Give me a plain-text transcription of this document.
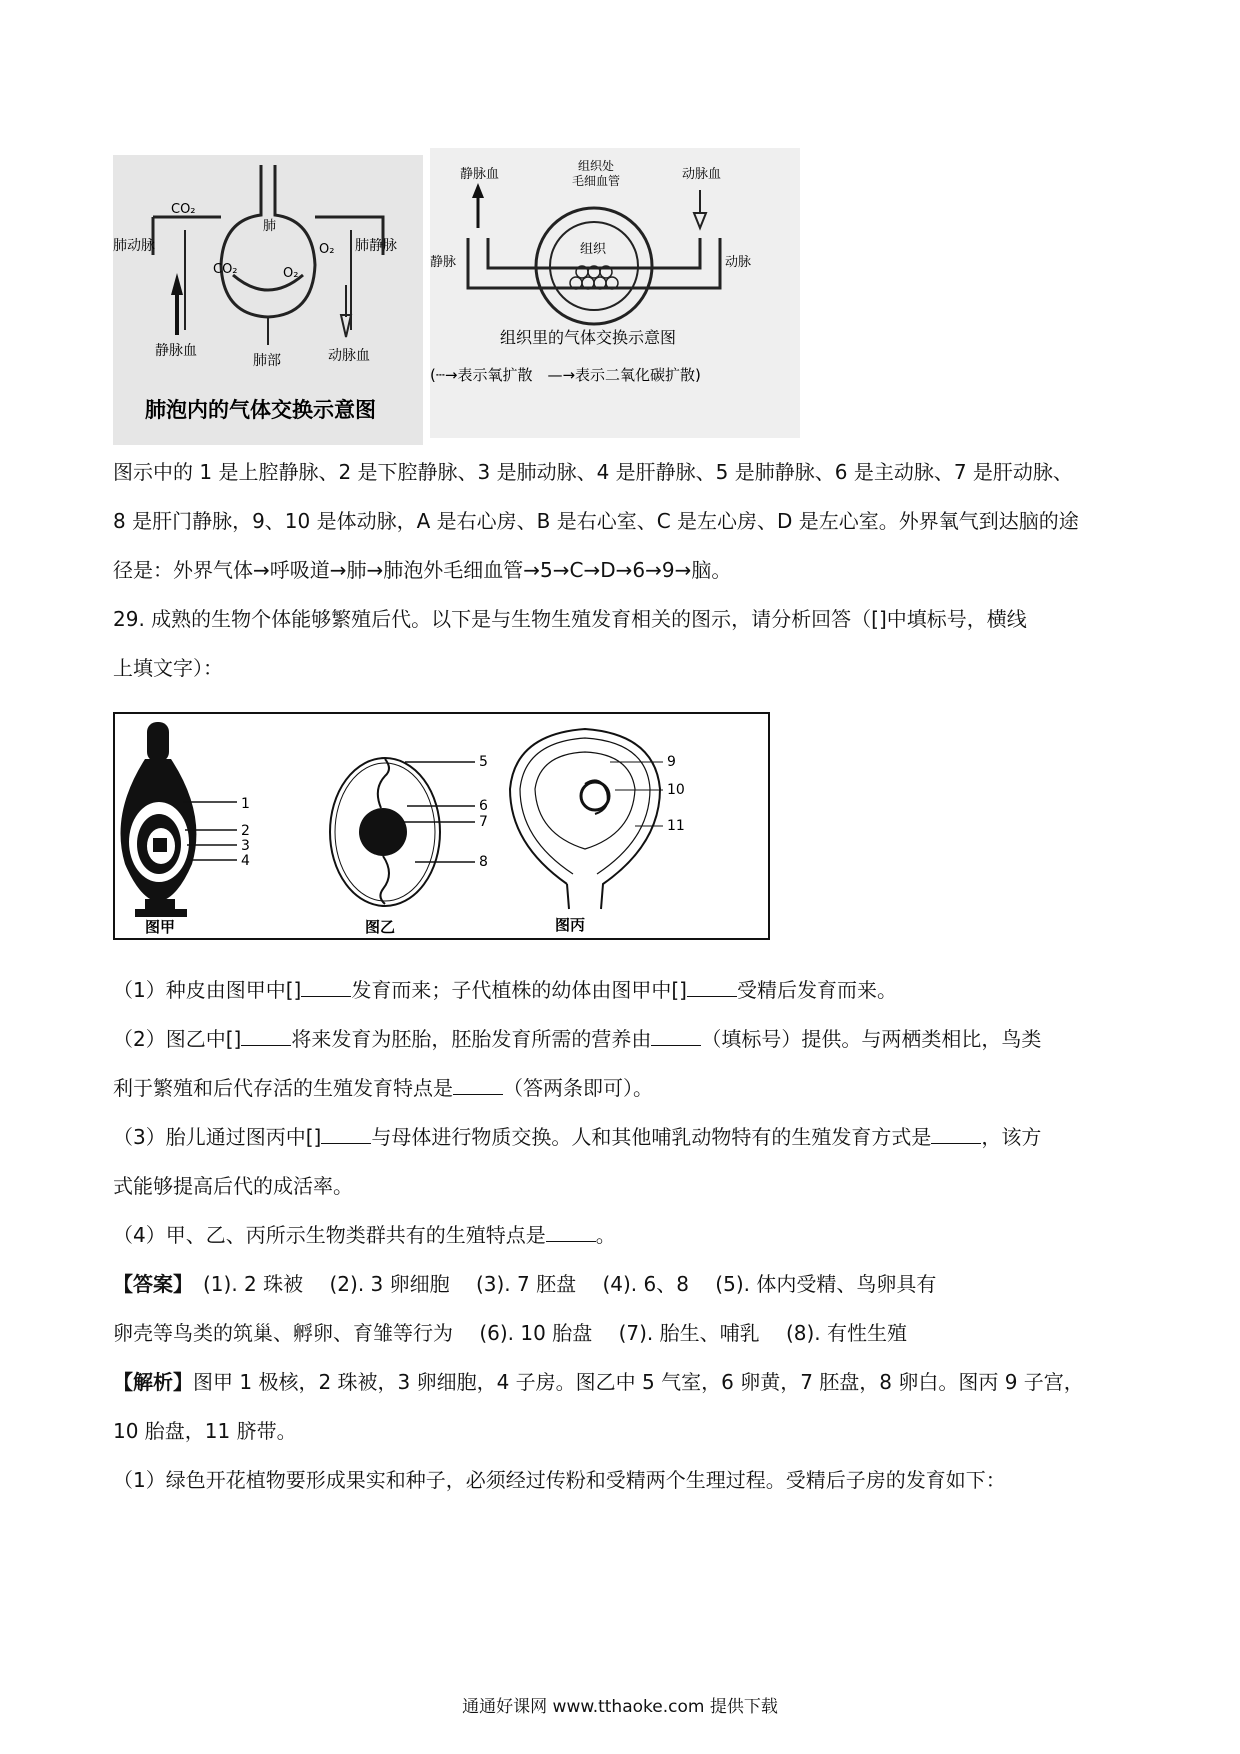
CO₂
肺动脉
肺
CO₂	O₂
O₂ 肺静脉
静脉血
肺部	动脉血
肺泡内的气体交换示意图
组织处毛细血管
静脉血	动脉血
静脉	动脉
组织
组织里的气体交换示意图
(┄→表示氧扩散　—→表示二氧化碳扩散)
图示中的 1 是上腔静脉、2 是下腔静脉、3 是肺动脉、4 是肝静脉、5 是肺静脉、6 是主动脉、7 是肝动脉、
8 是肝门静脉，9、10 是体动脉，A 是右心房、B 是右心室、C 是左心房、D 是左心室。外界氧气到达脑的途
径是：外界气体→呼吸道→肺→肺泡外毛细血管→5→C→D→6→9→脑。
29. 成熟的生物个体能够繁殖后代。以下是与生物生殖发育相关的图示，请分析回答（[]中填标号，横线
上填文字）：
1
2
3
4
图甲
5
6
7
8
图乙
9
10
11
图丙
（1）种皮由图甲中[]	发育而来；子代植株的幼体由图甲中[]	受精后发育而来。
（2）图乙中[]	将来发育为胚胎，胚胎发育所需的营养由	（填标号）提供。与两栖类相比，鸟类
利于繁殖和后代存活的生殖发育特点是	（答两条即可）。
（3）胎儿通过图丙中[]	与母体进行物质交换。人和其他哺乳动物特有的生殖发育方式是	，该方
式能够提高后代的成活率。
（4）甲、乙、丙所示生物类群共有的生殖特点是	。
【答案】　(1). 2 珠被　 (2). 3 卵细胞　 (3). 7 胚盘　 (4). 6、8　 (5). 体内受精、鸟卵具有
卵壳等鸟类的筑巢、孵卵、育雏等行为　 (6). 10 胎盘　 (7). 胎生、哺乳　 (8). 有性生殖
【解析】图甲 1 极核，2 珠被，3 卵细胞，4 子房。图乙中 5 气室，6 卵黄，7 胚盘，8 卵白。图丙 9 子宫，
10 胎盘，11 脐带。
（1）绿色开花植物要形成果实和种子，必须经过传粉和受精两个生理过程。受精后子房的发育如下：
通通好课网 www.tthaoke.com 提供下载
